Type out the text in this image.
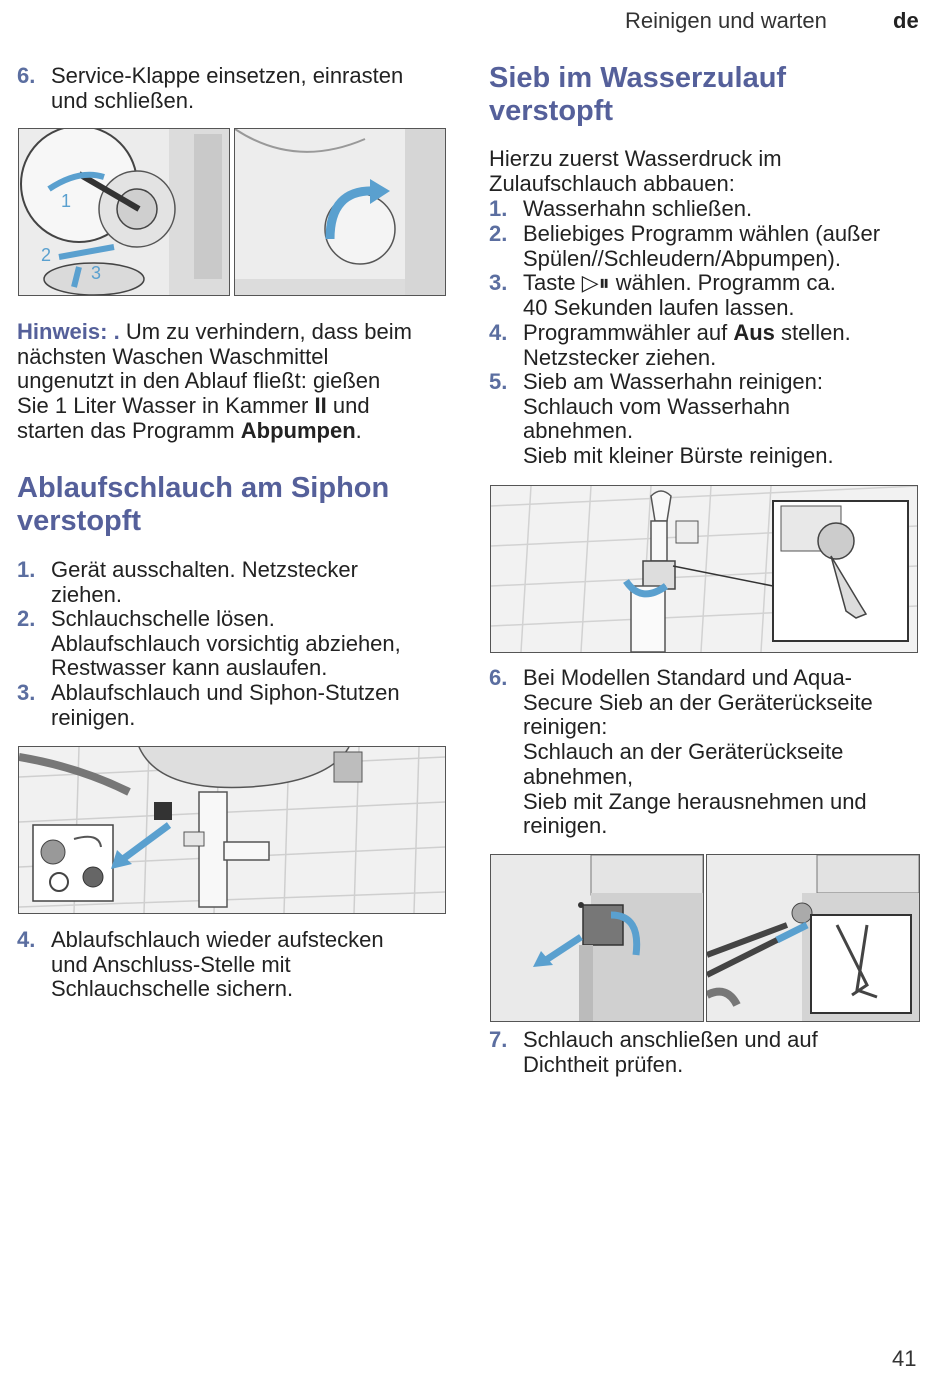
Reinigen und warten	de
6. Service-Klappe einsetzen, einrasten
und schließen.
1
2
3
Hinweis: . Um zu verhindern, dass beim
nächsten Waschen Waschmittel
ungenutzt in den Ablauf fließt: gießen
Sie 1 Liter Wasser in Kammer II und
starten das Programm Abpumpen.
Ablaufschlauch am Siphon
verstopft
1. Gerät ausschalten. Netzstecker
ziehen.
2. Schlauchschelle lösen.
Ablaufschlauch vorsichtig abziehen,
Restwasser kann auslaufen.
3. Ablaufschlauch und Siphon-Stutzen
reinigen.
4. Ablaufschlauch wieder aufstecken
und Anschluss-Stelle mit
Schlauchschelle sichern.
Sieb im Wasserzulauf
verstopft
Hierzu zuerst Wasserdruck im
Zulaufschlauch abbauen:
1. Wasserhahn schließen.
2. Beliebiges Programm wählen (außer
Spülen//Schleudern/Abpumpen).
3. Taste ▷⏸ wählen. Programm ca.
40 Sekunden laufen lassen.
4. Programmwähler auf Aus stellen.
Netzstecker ziehen.
5. Sieb am Wasserhahn reinigen:
Schlauch vom Wasserhahn
abnehmen.
Sieb mit kleiner Bürste reinigen.
6. Bei Modellen Standard und Aqua-
Secure Sieb an der Geräterückseite
reinigen:
Schlauch an der Geräterückseite
abnehmen,
Sieb mit Zange herausnehmen und
reinigen.
7. Schlauch anschließen und auf
Dichtheit prüfen.
41
